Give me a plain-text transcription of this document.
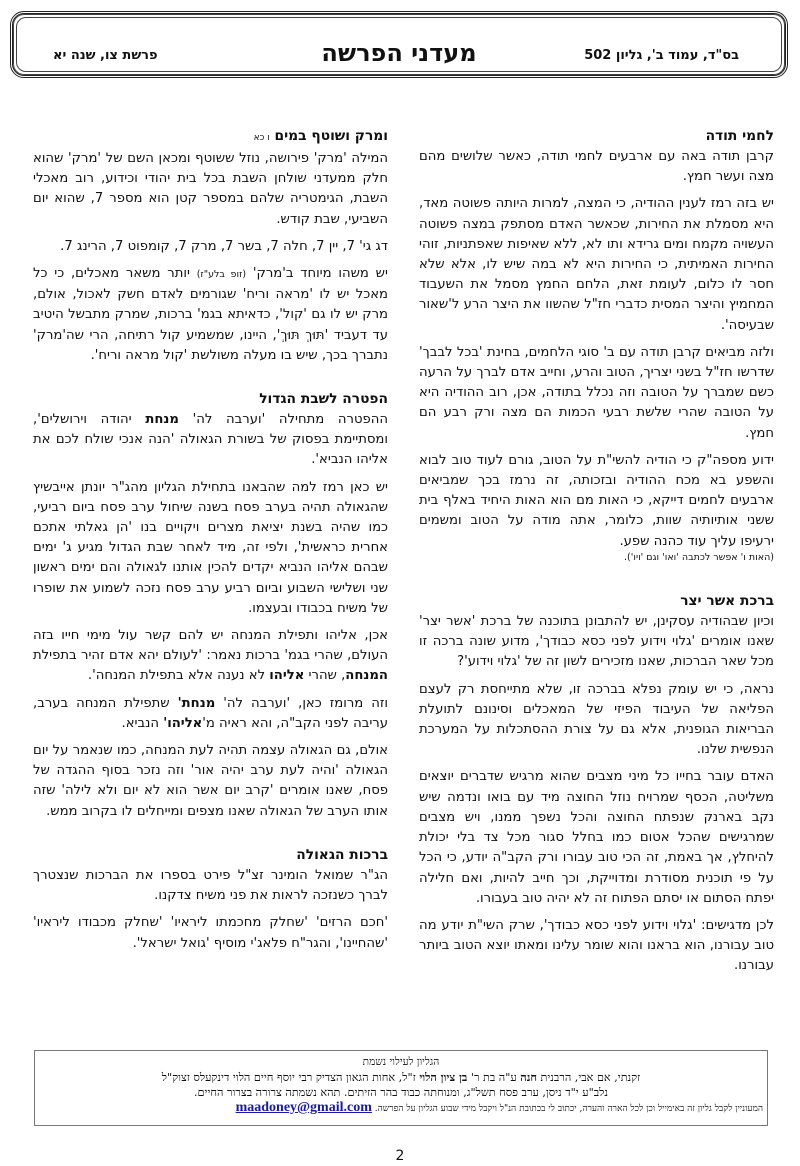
בס"ד, עמוד ב', גליון 502
מעדני הפרשה
פרשת צו, שנה יא
לחמי תודה

קרבן תודה באה עם ארבעים לחמי תודה, כאשר שלושים מהם מצה ועשר חמץ.

יש בזה רמז לענין ההודיה, כי המצה, למרות היותה פשוטה מאד, היא מסמלת את החירות, שכאשר האדם מסתפק במצה פשוטה העשויה מקמח ומים גרידא ותו לא, ללא שאיפות שאפתניות, זוהי החירות האמיתית, כי החירות היא לא במה שיש לו, אלא שלא חסר לו כלום, לעומת זאת, הלחם החמץ מסמל את השעבוד המחמיץ והיצר המסית כדברי חז"ל שהשוו את היצר הרע ל'שאור שבעיסה'.

ולזה מביאים קרבן תודה עם ב' סוגי הלחמים, בחינת 'בכל לבבך' שדרשו חז"ל בשני יצריך, הטוב והרע, וחייב אדם לברך על הרעה כשם שמברך על הטובה וזה נכלל בתודה, אכן, רוב ההודיה היא על הטובה שהרי שלשת רבעי הכמות הם מצה ורק רבע הם חמץ.

ידוע מספה"ק כי הודיה להשי"ת על הטוב, גורם לעוד טוב לבוא והשפע בא מכח ההודיה ובזכותה, זה נרמז בכך שמביאים ארבעים לחמים דייקא, כי האות מם הוא האות היחיד באלף בית ששני אותיותיה שוות, כלומר, אתה מודה על הטוב ומשמים ירעיפו עליך עוד כהנה שפע.
(האות ו' אפשר לכתבה 'ואו' וגם 'ויו').

ברכת אשר יצר

וכיון שבהודיה עסקינן, יש להתבונן בתוכנה של ברכת 'אשר יצר' שאנו אומרים 'גלוי וידוע לפני כסא כבודך', מדוע שונה ברכה זו מכל שאר הברכות, שאנו מזכירים לשון זה של 'גלוי וידוע'?

נראה, כי יש עומק נפלא בברכה זו, שלא מתייחסת רק לעצם הפליאה של העיבוד הפיזי של המאכלים וסינונם לתועלת הבריאות הגופנית, אלא גם על צורת ההסתכלות על המערכת הנפשית שלנו.

האדם עובר בחייו כל מיני מצבים שהוא מרגיש שדברים יוצאים משליטה, הכסף שמרויח נוזל החוצה מיד עם בואו ונדמה שיש נקב בארנק שנפתח החוצה והכל נשפך ממנו, ויש מצבים שמרגישים שהכל אטום כמו בחלל סגור מכל צד בלי יכולת להיחלץ, אך באמת, זה הכי טוב עבורו ורק הקב"ה יודע, כי הכל על פי תוכנית מסודרת ומדוייקת, וכך חייב להיות, ואם חלילה יפתח הסתום או יסתם הפתוח זה לא יהיה טוב בעבורו.

לכן מדגישים: 'גלוי וידוע לפני כסא כבודך', שרק השי"ת יודע מה טוב עבורנו, הוא בראנו והוא שומר עלינו ומאתו יוצא הטוב ביותר עבורנו.

ומרק ושוטף במים ו כא

המילה 'מרק' פירושה, נוזל ששוטף ומכאן השם של 'מרק' שהוא חלק ממעדני שולחן השבת בכל בית יהודי וכידוע, רוב מאכלי השבת, הגימטריה שלהם במספר קטן הוא מספר 7, שהוא יום השביעי, שבת קודש.

דג גי' 7, יין 7, חלה 7, בשר 7, מרק 7, קומפוט 7, הרינג 7.

יש משהו מיוחד ב'מרק' (זופ בלע"ז) יותר משאר מאכלים, כי כל מאכל יש לו 'מראה וריח' שגורמים לאדם חשק לאכול, אולם, מרק יש לו גם 'קול', כדאיתא בגמ' ברכות, שמרק מתבשל היטיב עד דעביד 'תּוּךְ תּוּךְ', היינו, שמשמיע קול רתיחה, הרי שה'מרק' נתברך בכך, שיש בו מעלה משולשת 'קול מראה וריח'.

הפטרה לשבת הגדול

ההפטרה מתחילה 'וערבה לה' מנחת יהודה וירושלים', ומסתיימת בפסוק של בשורת הגאולה 'הנה אנכי שולח לכם את אליהו הנביא'.

יש כאן רמז למה שהבאנו בתחילת הגליון מהג"ר יונתן אייבשיץ שהגאולה תהיה בערב פסח בשנה שיחול ערב פסח ביום רביעי, כמו שהיה בשנת יציאת מצרים ויקויים בנו 'הן גאלתי אתכם אחרית כראשית', ולפי זה, מיד לאחר שבת הגדול מגיע ג' ימים שבהם אליהו הנביא יקדים להכין אותנו לגאולה והם ימים ראשון שני ושלישי השבוע וביום רביע ערב פסח נזכה לשמוע את שופרו של משיח בכבודו ובעצמו.

אכן, אליהו ותפילת המנחה יש להם קשר עול מימי חייו בזה העולם, שהרי בגמ' ברכות נאמר: 'לעולם יהא אדם זהיר בתפילת המנחה, שהרי אליהו לא נענה אלא בתפילת המנחה'.

וזה מרומז כאן, 'וערבה לה' מנחת' שתפילת המנחה בערב, עריבה לפני הקב"ה, והא ראיה מ'אליהו' הנביא.

אולם, גם הגאולה עצמה תהיה לעת המנחה, כמו שנאמר על יום הגאולה 'והיה לעת ערב יהיה אור' וזה נזכר בסוף ההגדה של פסח, שאנו אומרים 'קרב יום אשר הוא לא יום ולא לילה' שזה אותו הערב של הגאולה שאנו מצפים ומייחלים לו בקרוב ממש.

ברכות הגאולה

הג"ר שמואל הומינר זצ"ל פירט בספרו את הברכות שנצטרך לברך כשנזכה לראות את פני משיח צדקנו.

'חכם הרזים' 'שחלק מחכמתו ליראיו' 'שחלק מכבודו ליראיו' 'שהחיינו', והגר"ח פלאג'י מוסיף 'גואל ישראל'.

הגליון לעילוי נשמת
זקנתי, אם אבי, הרבנית חנה ע"ה בת ר' בן ציון הלוי ז"ל, אחות הגאון הצדיק רבי יוסף חיים הלוי דינקעלס זצוק"ל
נלב"ע י"ד ניסן, ערב פסח תשל"ג, ומנוחתה כבוד בהר הזיתים. תהא נשמתה צרורה בצרור החיים.
המעוניין לקבל גליון זה באימייל וכן לכל הארה והערה, יכתוב לי בכתובת הנ"ל ויקבל מידי שבוע הגליון על הפרשה. maadoney@gmail.com
2
